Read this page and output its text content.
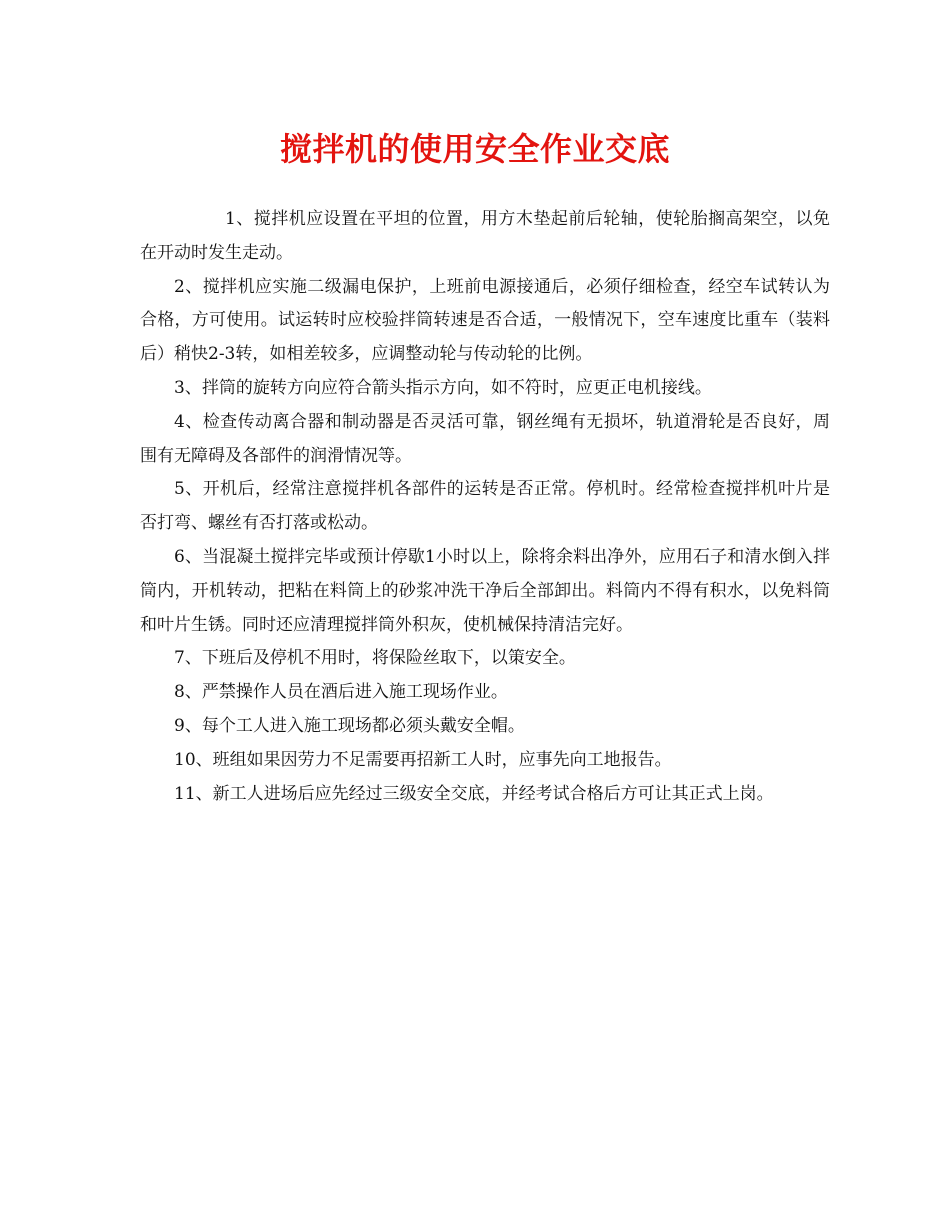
搅拌机的使用安全作业交底

1、搅拌机应设置在平坦的位置，用方木垫起前后轮轴，使轮胎搁高架空，以免在开动时发生走动。

2、搅拌机应实施二级漏电保护，上班前电源接通后，必须仔细检查，经空车试转认为合格，方可使用。试运转时应校验拌筒转速是否合适，一般情况下，空车速度比重车（装料后）稍快2-3转，如相差较多，应调整动轮与传动轮的比例。

3、拌筒的旋转方向应符合箭头指示方向，如不符时，应更正电机接线。

4、检查传动离合器和制动器是否灵活可靠，钢丝绳有无损坏，轨道滑轮是否良好，周围有无障碍及各部件的润滑情况等。

5、开机后，经常注意搅拌机各部件的运转是否正常。停机时。经常检查搅拌机叶片是否打弯、螺丝有否打落或松动。

6、当混凝土搅拌完毕或预计停歇1小时以上，除将余料出净外，应用石子和清水倒入拌筒内，开机转动，把粘在料筒上的砂浆冲洗干净后全部卸出。料筒内不得有积水，以免料筒和叶片生锈。同时还应清理搅拌筒外积灰，使机械保持清洁完好。

7、下班后及停机不用时，将保险丝取下，以策安全。

8、严禁操作人员在酒后进入施工现场作业。

9、每个工人进入施工现场都必须头戴安全帽。

10、班组如果因劳力不足需要再招新工人时，应事先向工地报告。

11、新工人进场后应先经过三级安全交底，并经考试合格后方可让其正式上岗。
